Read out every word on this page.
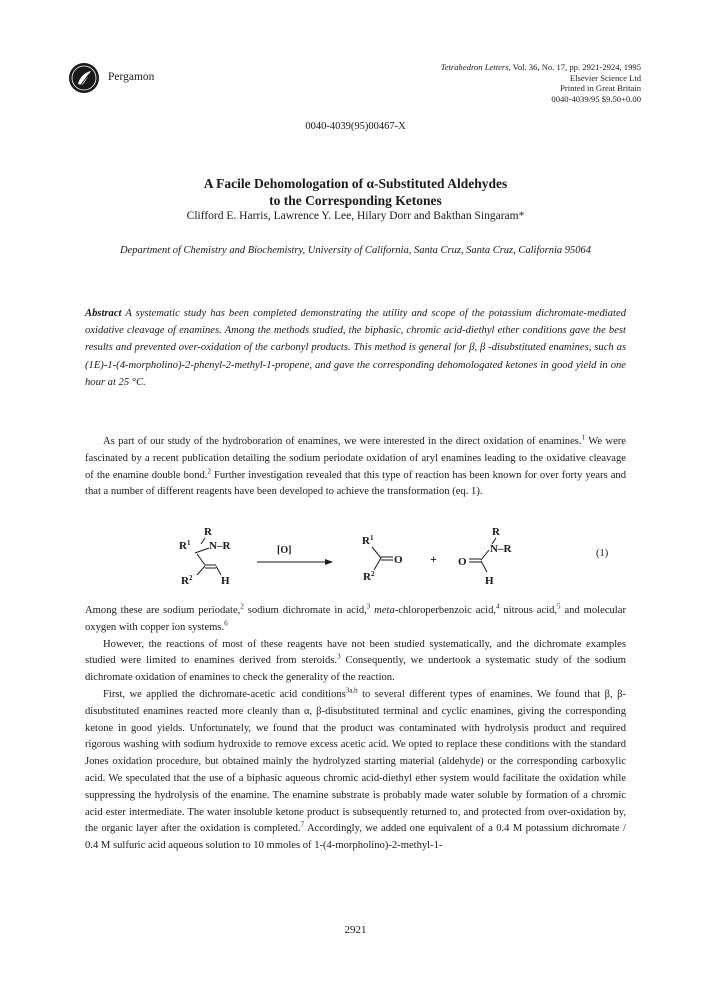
Pergamon
Tetrahedron Letters, Vol. 36, No. 17, pp. 2921-2924, 1995
Elsevier Science Ltd
Printed in Great Britain
0040-4039/95 $9.50+0.00
0040-4039(95)00467-X
A Facile Dehomologation of α-Substituted Aldehydes
to the Corresponding Ketones
Clifford E. Harris, Lawrence Y. Lee, Hilary Dorr and Bakthan Singaram*
Department of Chemistry and Biochemistry, University of California, Santa Cruz, Santa Cruz, California 95064
Abstract A systematic study has been completed demonstrating the utility and scope of the potassium dichromate-mediated oxidative cleavage of enamines. Among the methods studied, the biphasic, chromic acid-diethyl ether conditions gave the best results and prevented over-oxidation of the carbonyl products. This method is general for β, β -disubstituted enamines, such as (1E)-1-(4-morpholino)-2-phenyl-2-methyl-1-propene, and gave the corresponding dehomologated ketones in good yield in one hour at 25 °C.

As part of our study of the hydroboration of enamines, we were interested in the direct oxidation of enamines.$^1$ We were fascinated by a recent publication detailing the sodium periodate oxidation of aryl enamines leading to the oxidative cleavage of the enamine double bond.$^2$ Further investigation revealed that this type of reaction has been known for over forty years and that a number of different reagents have been developed to achieve the transformation (eq. 1).

R
$R^1$ N–R
$R^2$	H
[O]
$R^1$
O
$R^2$
+
R
N–R
O
H
(1)

Among these are sodium periodate,$^2$ sodium dichromate in acid,$^3$ meta-chloroperbenzoic acid,$^4$ nitrous acid,$^5$ and molecular oxygen with copper ion systems.$^6$

However, the reactions of most of these reagents have not been studied systematically, and the dichromate examples studied were limited to enamines derived from steroids.$^3$ Consequently, we undertook a systematic study of the sodium dichromate oxidation of enamines to check the generality of the reaction.

First, we applied the dichromate-acetic acid conditions$^{3a,b}$ to several different types of enamines. We found that β, β-disubstituted enamines reacted more cleanly than α, β-disubstituted terminal and cyclic enamines, giving the corresponding ketone in good yields. Unfortunately, we found that the product was contaminated with hydrolysis product and required rigorous washing with sodium hydroxide to remove excess acetic acid. We opted to replace these conditions with the standard Jones oxidation procedure, but obtained mainly the hydrolyzed starting material (aldehyde) or the corresponding carboxylic acid. We speculated that the use of a biphasic aqueous chromic acid-diethyl ether system would facilitate the oxidation while suppressing the hydrolysis of the enamine. The enamine substrate is probably made water soluble by formation of a chromic acid ester intermediate. The water insoluble ketone product is subsequently returned to, and protected from over-oxidation by, the organic layer after the oxidation is completed.$^7$ Accordingly, we added one equivalent of a 0.4 M potassium dichromate / 0.4 M sulfuric acid aqueous solution to 10 mmoles of 1-(4-morpholino)-2-methyl-1-

2921
